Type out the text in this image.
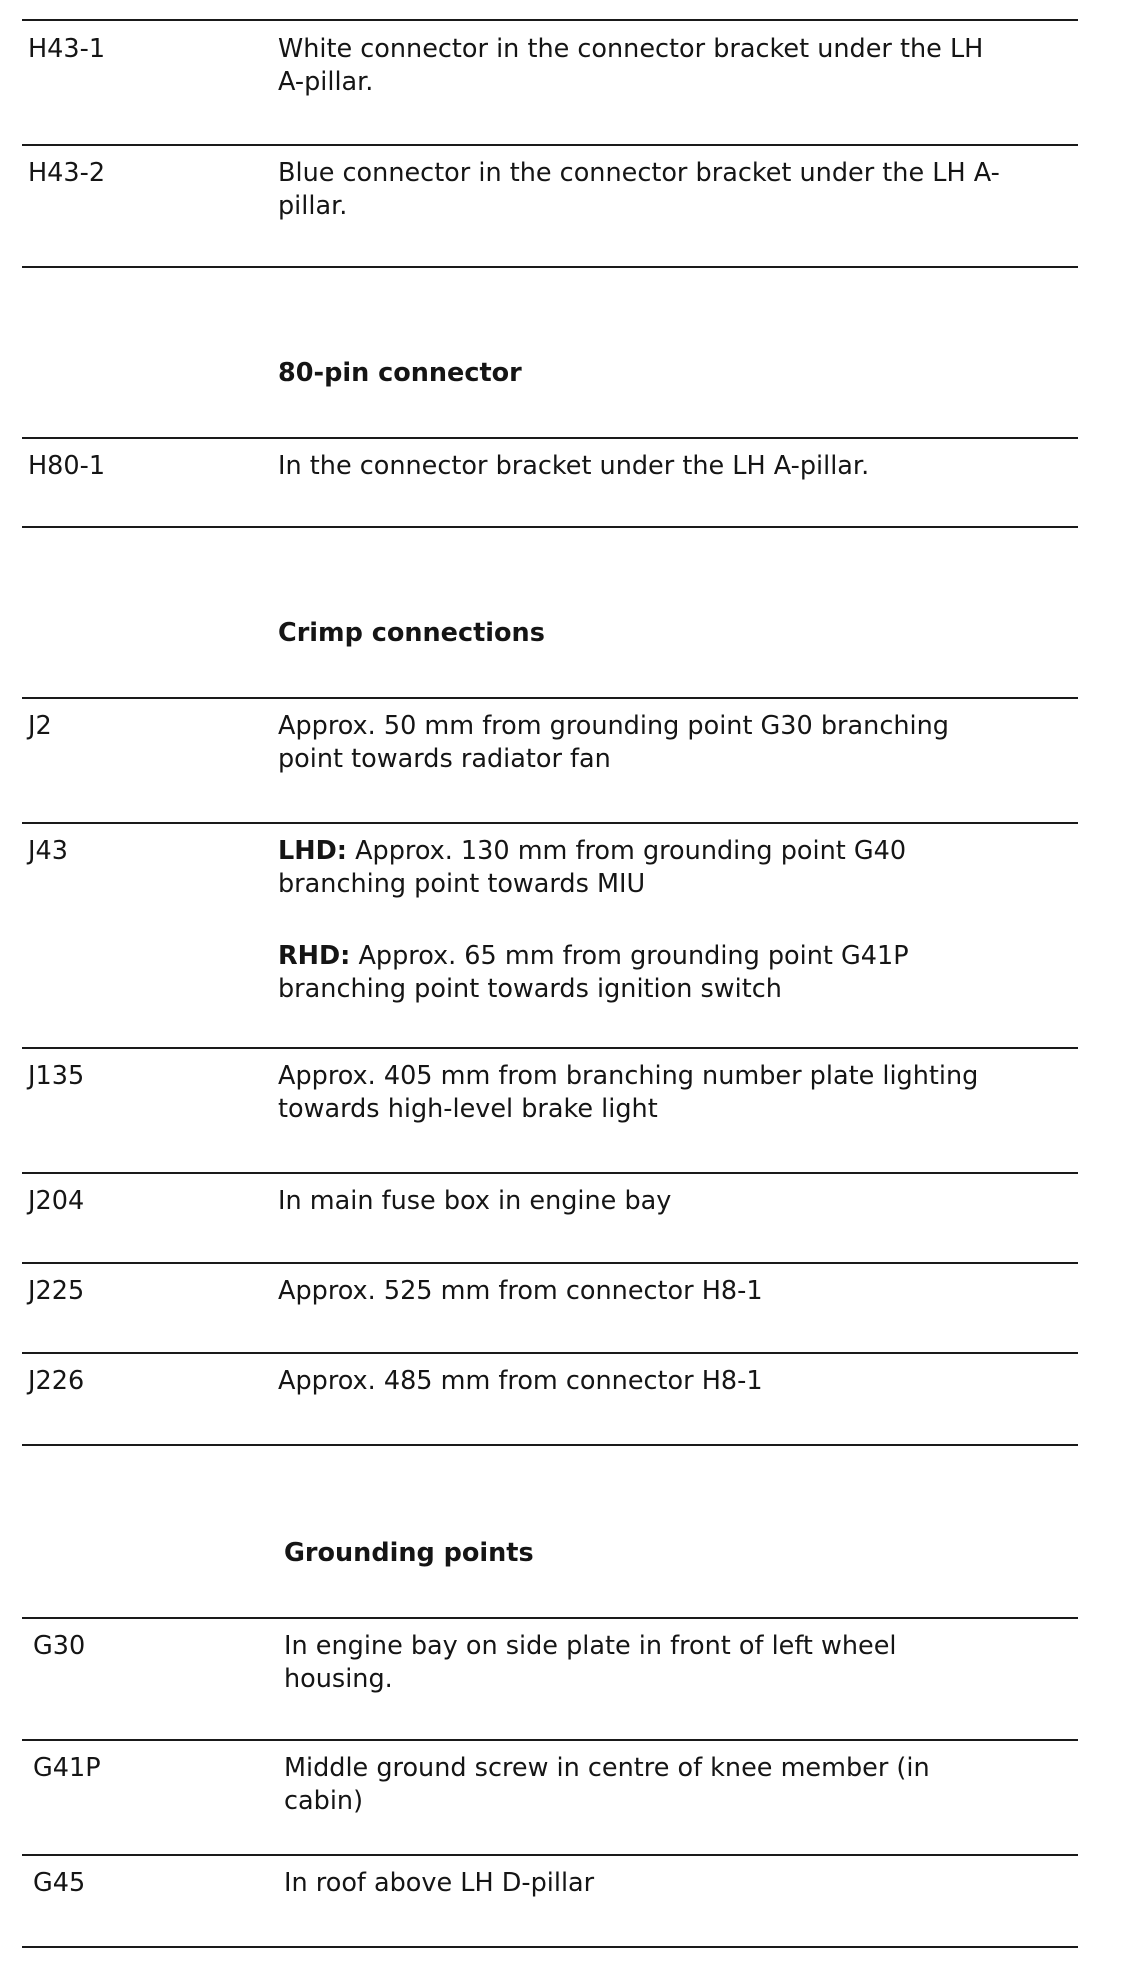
H43-1	White connector in the connector bracket under the LH
A-pillar.
H43-2	Blue connector in the connector bracket under the LH A-
pillar.
80-pin connector
H80-1	In the connector bracket under the LH A-pillar.
Crimp connections
J2	Approx. 50 mm from grounding point G30 branching
point towards radiator fan
J43	LHD: Approx. 130 mm from grounding point G40
branching point towards MIU
RHD: Approx. 65 mm from grounding point G41P
branching point towards ignition switch
J135	Approx. 405 mm from branching number plate lighting
towards high-level brake light
J204	In main fuse box in engine bay
J225	Approx. 525 mm from connector H8-1
J226	Approx. 485 mm from connector H8-1
Grounding points
G30	In engine bay on side plate in front of left wheel
housing.
G41P	Middle ground screw in centre of knee member (in
cabin)
G45	In roof above LH D-pillar
